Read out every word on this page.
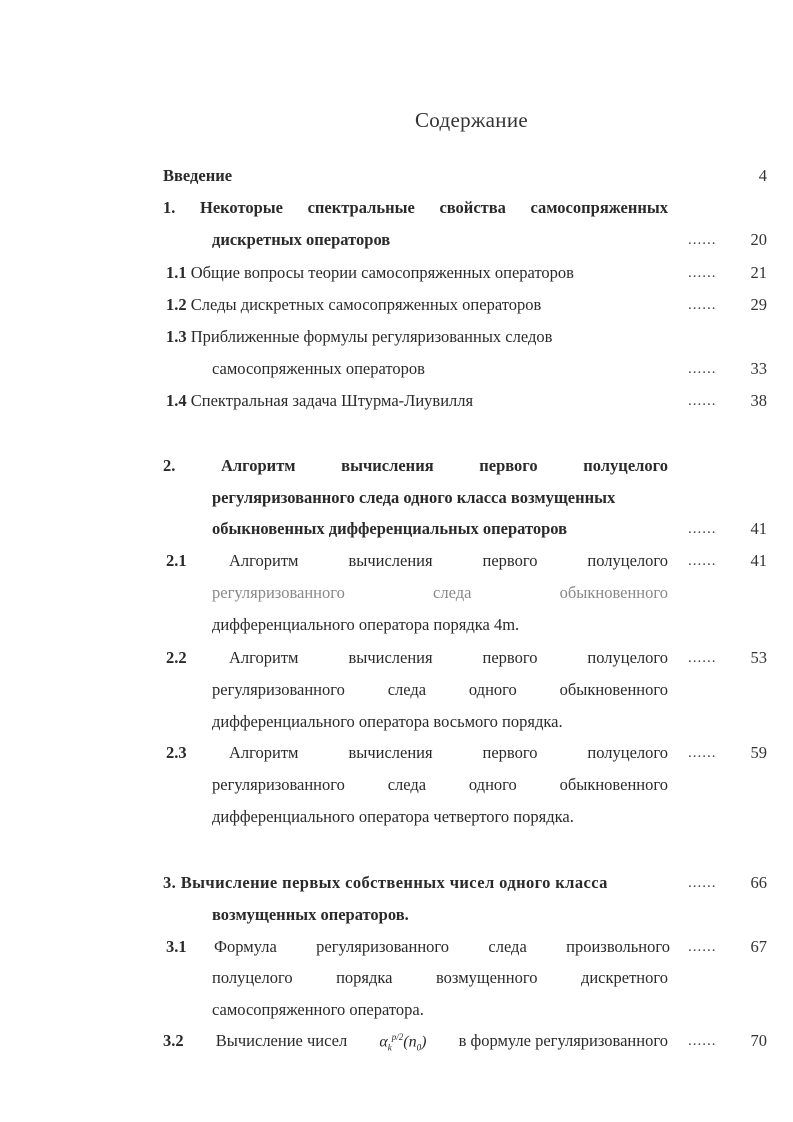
Содержание
Введение	4
1. Некоторые спектральные свойства самосопряженных
дискретных операторов	...... 20
1.1 Общие вопросы теории самосопряженных операторов	...... 21
1.2 Следы дискретных самосопряженных операторов	...... 29
1.3 Приближенные формулы регуляризованных следов
самосопряженных операторов	...... 33
1.4 Спектральная задача Штурма-Лиувилля	...... 38
2.	Алгоритм	вычисления	первого	полуцелого
регуляризованного следа одного класса возмущенных
обыкновенных дифференциальных операторов	...... 41
2.1	Алгоритм	вычисления	первого	полуцелого ...... 41
регуляризованного	следа	обыкновенного
дифференциального оператора порядка 4m.
2.2	Алгоритм	вычисления	первого	полуцелого ...... 53
регуляризованного	следа	одного	обыкновенного
дифференциального оператора восьмого порядка.
2.3	Алгоритм	вычисления	первого	полуцелого ...... 59
регуляризованного	следа	одного	обыкновенного
дифференциального оператора четвертого порядка.
3. Вычисление первых собственных чисел одного класса	...... 66
возмущенных операторов.
3.1 Формула регуляризованного следа произвольного ...... 67
полуцелого	порядка	возмущенного	дискретного
самосопряженного оператора.
3.2 Вычисление чисел $\alpha_k^{p/2}(n_0)$ в формуле регуляризованного ...... 70
